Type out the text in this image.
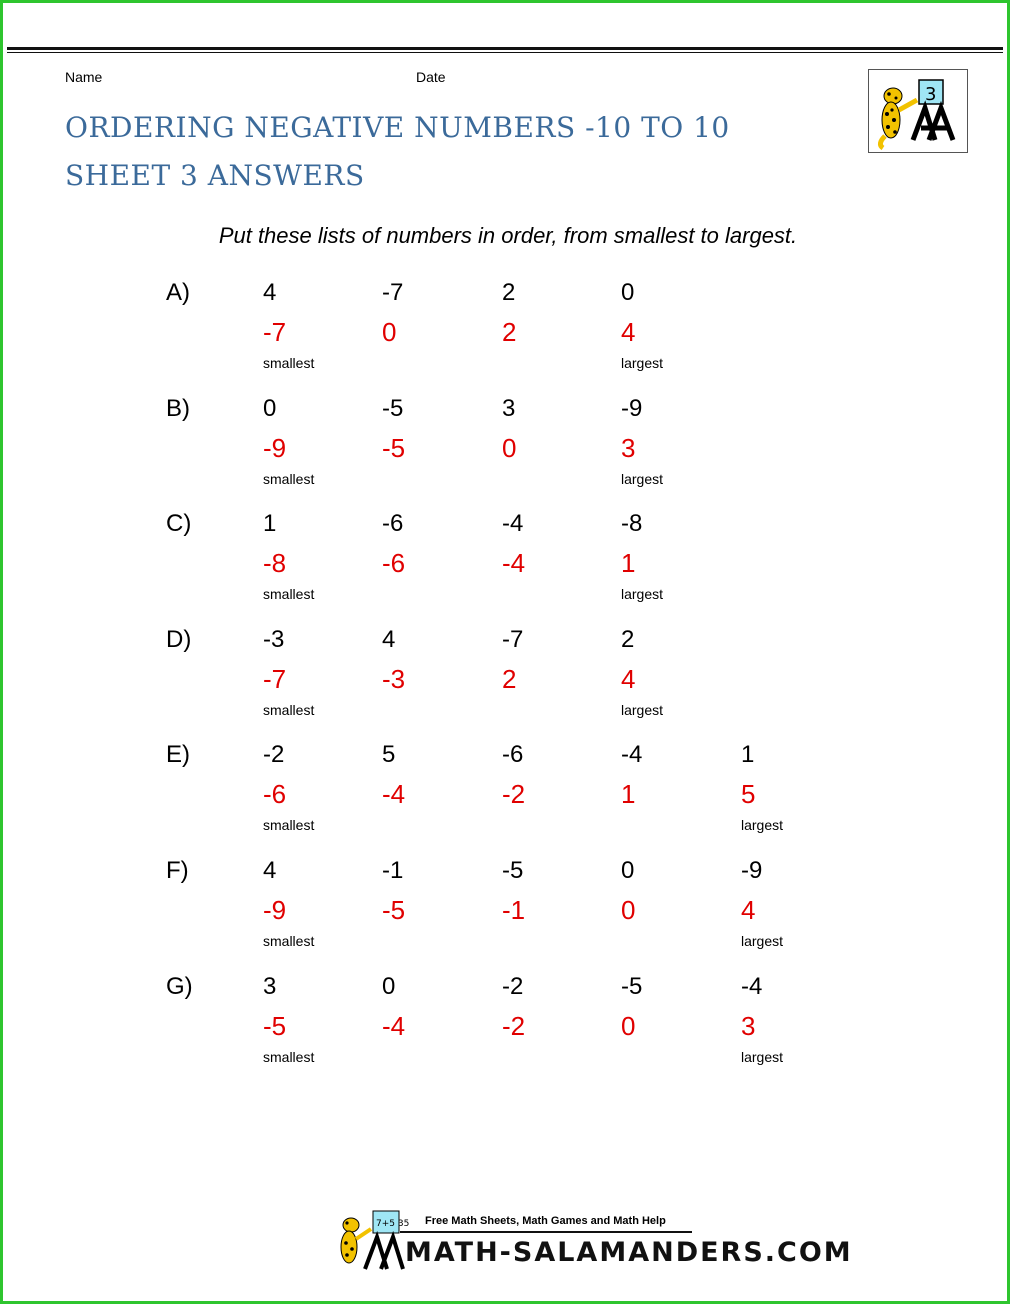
Name	Date
ORDERING NEGATIVE NUMBERS -10 TO 10
SHEET 3 ANSWERS
3
Put these lists of numbers in order, from smallest to largest.
A)	4	-7	2	0
-7	0	2	4
smallest	largest
B)	0	-5	3	-9
-9	-5	0	3
smallest	largest
C)	1	-6	-4	-8
-8	-6	-4	1
smallest	largest
D)	-3	4	-7	2
-7	-3	2	4
smallest	largest
E)	-2	5	-6	-4	1
-6	-4	-2	1	5
smallest	largest
F)	4	-1	-5	0	-9
-9	-5	-1	0	4
smallest	largest
G)	3	0	-2	-5	-4
-5	-4	-2	0	3
smallest	largest
7+5 35 Free Math Sheets, Math Games and Math Help
MATH-SALAMANDERS.COM
